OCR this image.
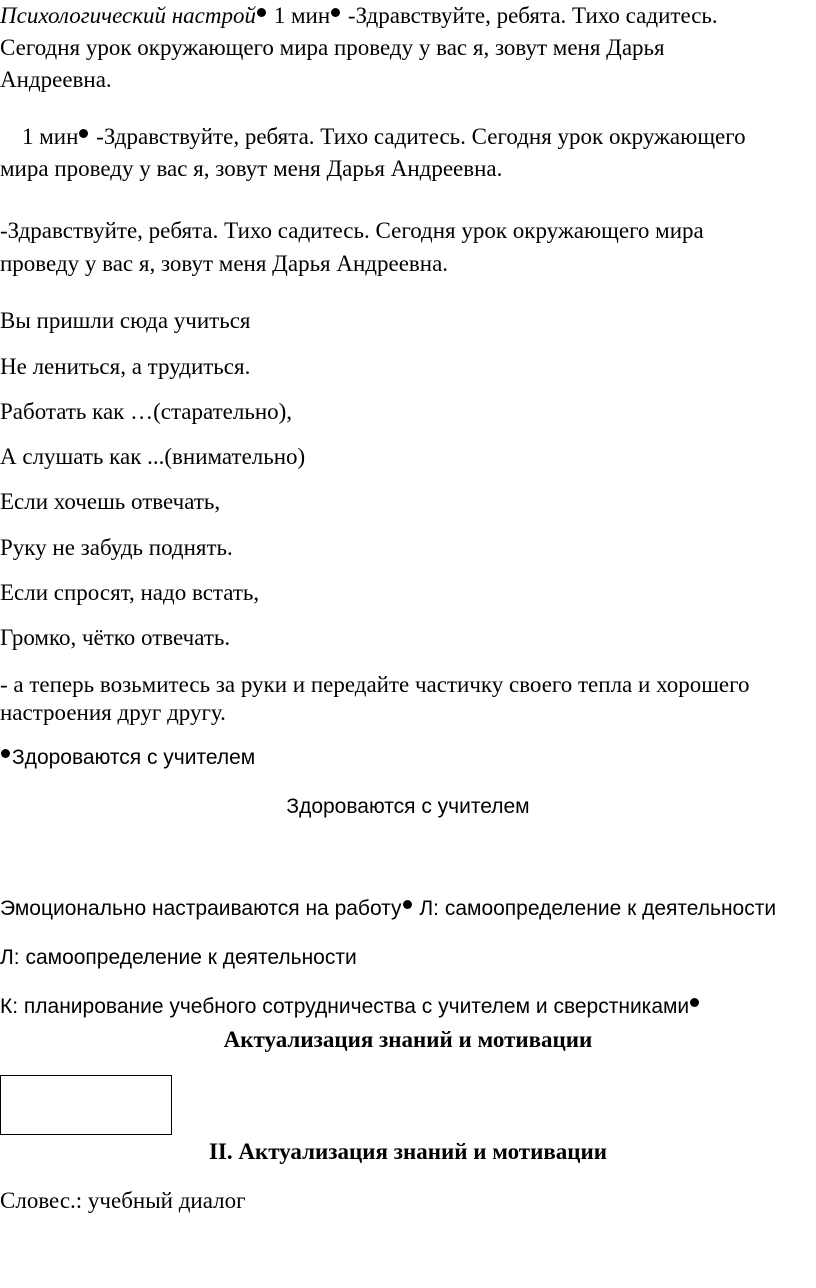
Психологический настрой 1 мин -Здравствуйте, ребята. Тихо садитесь.
Сегодня урок окружающего мира проведу у вас я, зовут меня Дарья
Андреевна.
1 мин -Здравствуйте, ребята. Тихо садитесь. Сегодня урок окружающего
мира проведу у вас я, зовут меня Дарья Андреевна.
-Здравствуйте, ребята. Тихо садитесь. Сегодня урок окружающего мира
проведу у вас я, зовут меня Дарья Андреевна.
Вы пришли сюда учиться
Не лениться, а трудиться.
Работать как …(старательно),
А слушать как ...(внимательно)
Если хочешь отвечать,
Руку не забудь поднять.
Если спросят, надо встать,
Громко, чётко отвечать.
- а теперь возьмитесь за руки и передайте частичку своего тепла и хорошего
настроения друг другу.
Здороваются с учителем
Здороваются с учителем
Эмоционально настраиваются на работу Л: самоопределение к деятельности
Л: самоопределение к деятельности
К: планирование учебного сотрудничества с учителем и сверстниками
Актуализация знаний и мотивации
II. Актуализация знаний и мотивации
Словес.: учебный диалог
